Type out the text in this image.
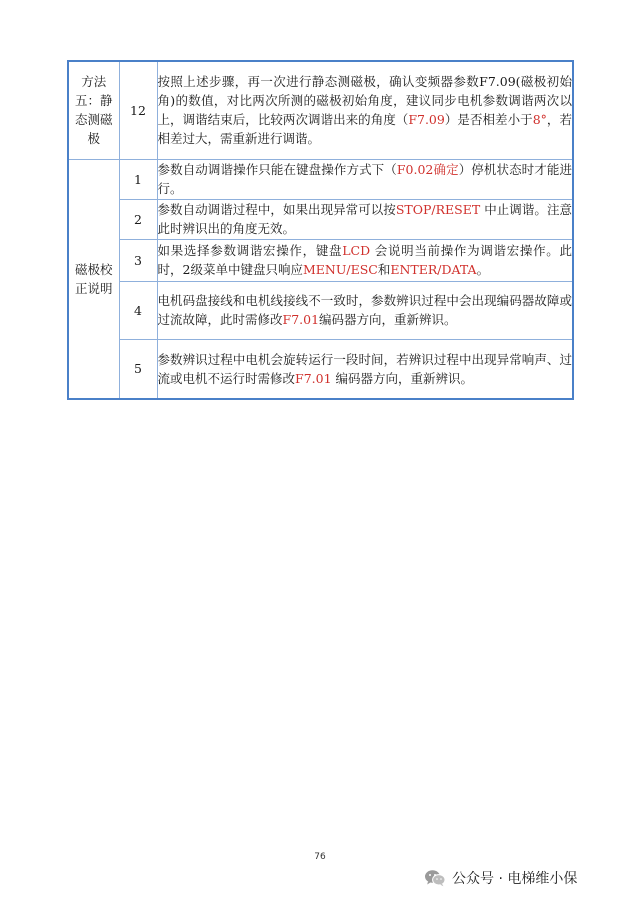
方法五：静态测磁极	12	按照上述步骤，再一次进行静态测磁极，确认变频器参数F7.09(磁极初始角)的数值，对比两次所测的磁极初始角度，建议同步电机参数调谐两次以上，调谐结束后，比较两次调谐出来的角度（F7.09）是否相差小于8°，若相差过大，需重新进行调谐。
磁极校正说明	1	参数自动调谐操作只能在键盘操作方式下（F0.02确定）停机状态时才能进行。
	2	参数自动调谐过程中，如果出现异常可以按STOP/RESET 中止调谐。注意此时辨识出的角度无效。
	3	如果选择参数调谐宏操作，键盘LCD 会说明当前操作为调谐宏操作。此时，2级菜单中键盘只响应MENU/ESC和ENTER/DATA。
	4	电机码盘接线和电机线接线不一致时，参数辨识过程中会出现编码器故障或过流故障，此时需修改F7.01编码器方向，重新辨识。
	5	参数辨识过程中电机会旋转运行一段时间，若辨识过程中出现异常响声、过流或电机不运行时需修改F7.01 编码器方向，重新辨识。
76
公众号 · 电梯维小保
